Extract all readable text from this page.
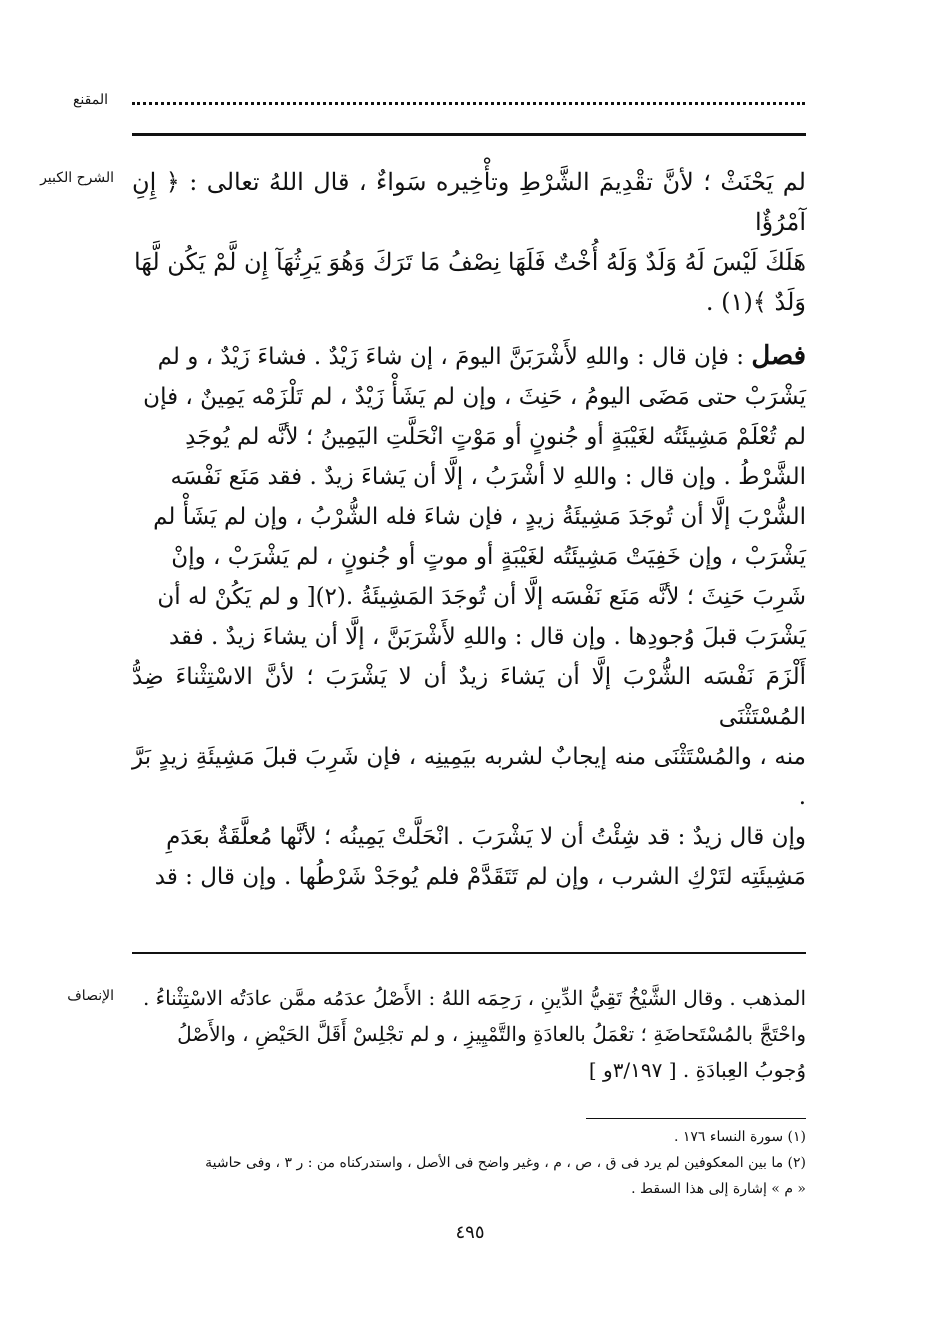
المقنع
الشرح الكبير لم يَحْنَثْ ؛ لأنَّ تقْدِيمَ الشَّرْطِ وتأْخِيره سَواءٌ ، قال اللهُ تعالى : ﴿ إِنِ آمْرُؤٌا

هَلَكَ لَيْسَ لَهُ وَلَدٌ وَلَهُ أُخْتٌ فَلَهَا نِصْفُ مَا تَرَكَ وَهُوَ يَرِثُهَآ إِن لَّمْ يَكُن لَّهَا

وَلَدٌ ﴾(١) .

فصل : فإن قال : واللهِ لأَشْرَبَنَّ اليومَ ، إن شاءَ زَيْدٌ . فشاءَ زَيْدٌ ، و لم

يَشْرَبْ حتى مَضَى اليومُ ، حَنِثَ ، وإن لم يَشَأْ زَيْدٌ ، لم تَلْزَمْه يَمِينٌ ، فإن

لم تُعْلَمْ مَشِيئَتُه لغَيْبَةٍ أو جُنونٍ أو مَوْتٍ انْحَلَّتِ اليَمِينُ ؛ لأنَّه لم يُوجَدِ

الشَّرْطُ . وإن قال : واللهِ لا أشْرَبُ ، إلَّا أن يَشاءَ زيدٌ . فقد مَنَع نَفْسَه

الشُّرْبَ إلَّا أن تُوجَدَ مَشِيئَةُ زيدٍ ، فإن شاءَ فله الشُّرْبُ ، وإن لم يَشَأْ لم

يَشْرَبْ ، وإن خَفِيَتْ مَشِيئَتُه لغَيْبَةٍ أو موتٍ أو جُنونٍ ، لم يَشْرَبْ ، وإنْ

شَرِبَ حَنِثَ ؛ لأنَّه مَنَع نَفْسَه إلَّا أن تُوجَدَ المَشِيئَةُ .(٢)[ و لم يَكُنْ له أن

يَشْرَبَ قبلَ وُجودِها . وإن قال : واللهِ لأَشْرَبَنَّ ، إلَّا أن يشاءَ زيدٌ . فقد

أَلْزَمَ نَفْسَه الشُّرْبَ إلَّا أن يَشاءَ زيدٌ أن لا يَشْرَبَ ؛ لأنَّ الاسْتِثْناءَ ضِدُّ المُسْتَثْنَى

منه ، والمُسْتَثْنَى منه إيجابٌ لشربه بيَمِينِه ، فإن شَرِبَ قبلَ مَشِيئَةِ زيدٍ بَرَّ .

وإن قال زيدٌ : قد شِئْتُ أن لا يَشْرَبَ . انْحَلَّتْ يَمِينُه ؛ لأنَّها مُعلَّقَةٌ بعَدَمِ

مَشِيئَتِه لتَرْكِ الشرب ، وإن لم تَتَقَدَّمْ فلم يُوجَدْ شَرْطُها . وإن قال : قد

الإنصاف	المذهب . وقال الشَّيْخُ تَقِيُّ الدِّينِ ، رَحِمَه اللهُ : الأَصْلُ عدَمُه ممَّن عادَتُه الاسْتِثْناءُ .

واحْتَجَّ بالمُسْتَحاضَةِ ؛ تعْمَلُ بالعادَةِ والتَّمْيِيزِ ، و لم تجْلِسْ أَقَلَّ الحَيْضِ ، والأَصْلُ

وُجوبُ العِبادَةِ . [ ٣/١٩٧و ]

(١) سورة النساء ١٧٦ .

(٢) ما بين المعكوفين لم يرد فى ق ، ص ، م ، وغير واضح فى الأصل ، واستدركناه من : ر ٣ ، وفى حاشية

« م » إشارة إلى هذا السقط .

٤٩٥
